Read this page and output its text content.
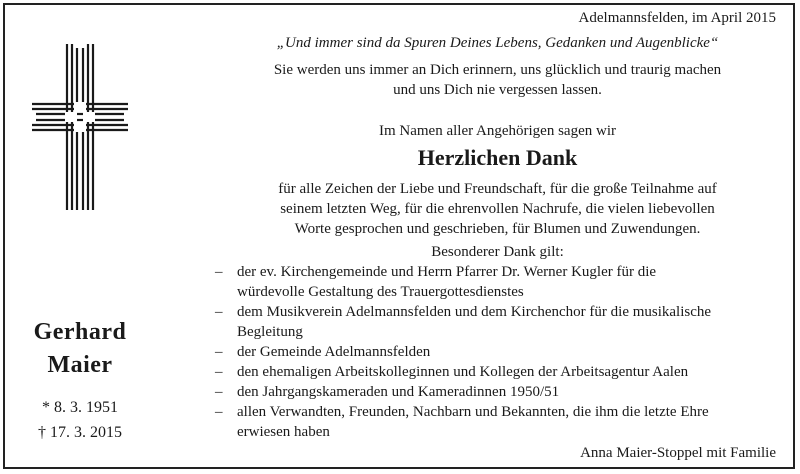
Gerhard
Maier
* 8. 3. 1951
† 17. 3. 2015
Adelmannsfelden, im April 2015
„Und immer sind da Spuren Deines Lebens, Gedanken und Augenblicke“
Sie werden uns immer an Dich erinnern, uns glücklich und traurig machen
und uns Dich nie vergessen lassen.
Im Namen aller Angehörigen sagen wir
Herzlichen Dank
für alle Zeichen der Liebe und Freundschaft, für die große Teilnahme auf
seinem letzten Weg, für die ehrenvollen Nachrufe, die vielen liebevollen
Worte gesprochen und geschrieben, für Blumen und Zuwendungen.
Besonderer Dank gilt:
– der ev. Kirchengemeinde und Herrn Pfarrer Dr. Werner Kugler für die
würdevolle Gestaltung des Trauergottesdienstes
– dem Musikverein Adelmannsfelden und dem Kirchenchor für die musikalische
Begleitung
– der Gemeinde Adelmannsfelden
– den ehemaligen Arbeitskolleginnen und Kollegen der Arbeitsagentur Aalen
– den Jahrgangskameraden und Kameradinnen 1950/51
– allen Verwandten, Freunden, Nachbarn und Bekannten, die ihm die letzte Ehre
erwiesen haben
Anna Maier-Stoppel mit Familie
